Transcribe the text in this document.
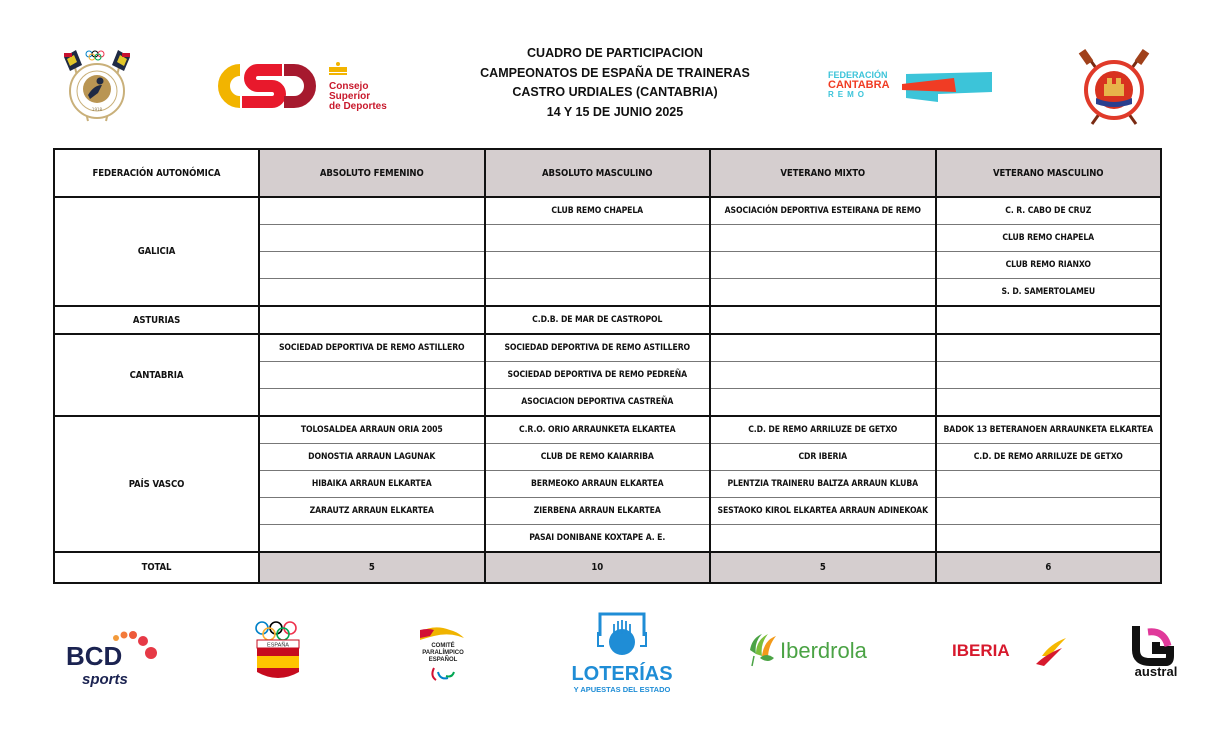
1918
Consejo
Superior
de Deportes
CUADRO DE PARTICIPACION
CAMPEONATOS DE ESPAÑA DE TRAINERAS
CASTRO URDIALES (CANTABRIA)
14 Y 15 DE JUNIO 2025
FEDERACIÓN
CANTABRA
REMO
FEDERACIÓN AUTONÓMICA	ABSOLUTO FEMENINO	ABSOLUTO MASCULINO	VETERANO MIXTO	VETERANO MASCULINO
GALICIA		CLUB REMO CHAPELA	ASOCIACIÓN DEPORTIVA ESTEIRANA DE REMO	C. R. CABO DE CRUZ
				CLUB REMO CHAPELA
				CLUB REMO RIANXO
				S. D. SAMERTOLAMEU
ASTURIAS		C.D.B. DE MAR DE CASTROPOL		
CANTABRIA	SOCIEDAD DEPORTIVA DE REMO ASTILLERO	SOCIEDAD DEPORTIVA DE REMO ASTILLERO		
		SOCIEDAD DEPORTIVA DE REMO PEDREÑA		
		ASOCIACION DEPORTIVA CASTREÑA		
PAÍS VASCO	TOLOSALDEA ARRAUN ORIA 2005	C.R.O. ORIO ARRAUNKETA ELKARTEA	C.D. DE REMO ARRILUZE DE GETXO	BADOK 13 BETERANOEN ARRAUNKETA ELKARTEA
	DONOSTIA ARRAUN LAGUNAK	CLUB DE REMO KAIARRIBA	CDR IBERIA	C.D. DE REMO ARRILUZE DE GETXO
	HIBAIKA ARRAUN ELKARTEA	BERMEOKO ARRAUN ELKARTEA	PLENTZIA TRAINERU BALTZA ARRAUN KLUBA	
	ZARAUTZ ARRAUN ELKARTEA	ZIERBENA ARRAUN ELKARTEA	SESTAOKO KIROL ELKARTEA ARRAUN ADINEKOAK	
		PASAI DONIBANE KOXTAPE A. E.		
TOTAL	5	10	5	6
BCD
sports
ESPAÑA	COMITÉ
PARALÍMPICO
ESPAÑOL
LOTERÍAS
Y APUESTAS DEL ESTADO
Iberdrola	IBERIA
austral
